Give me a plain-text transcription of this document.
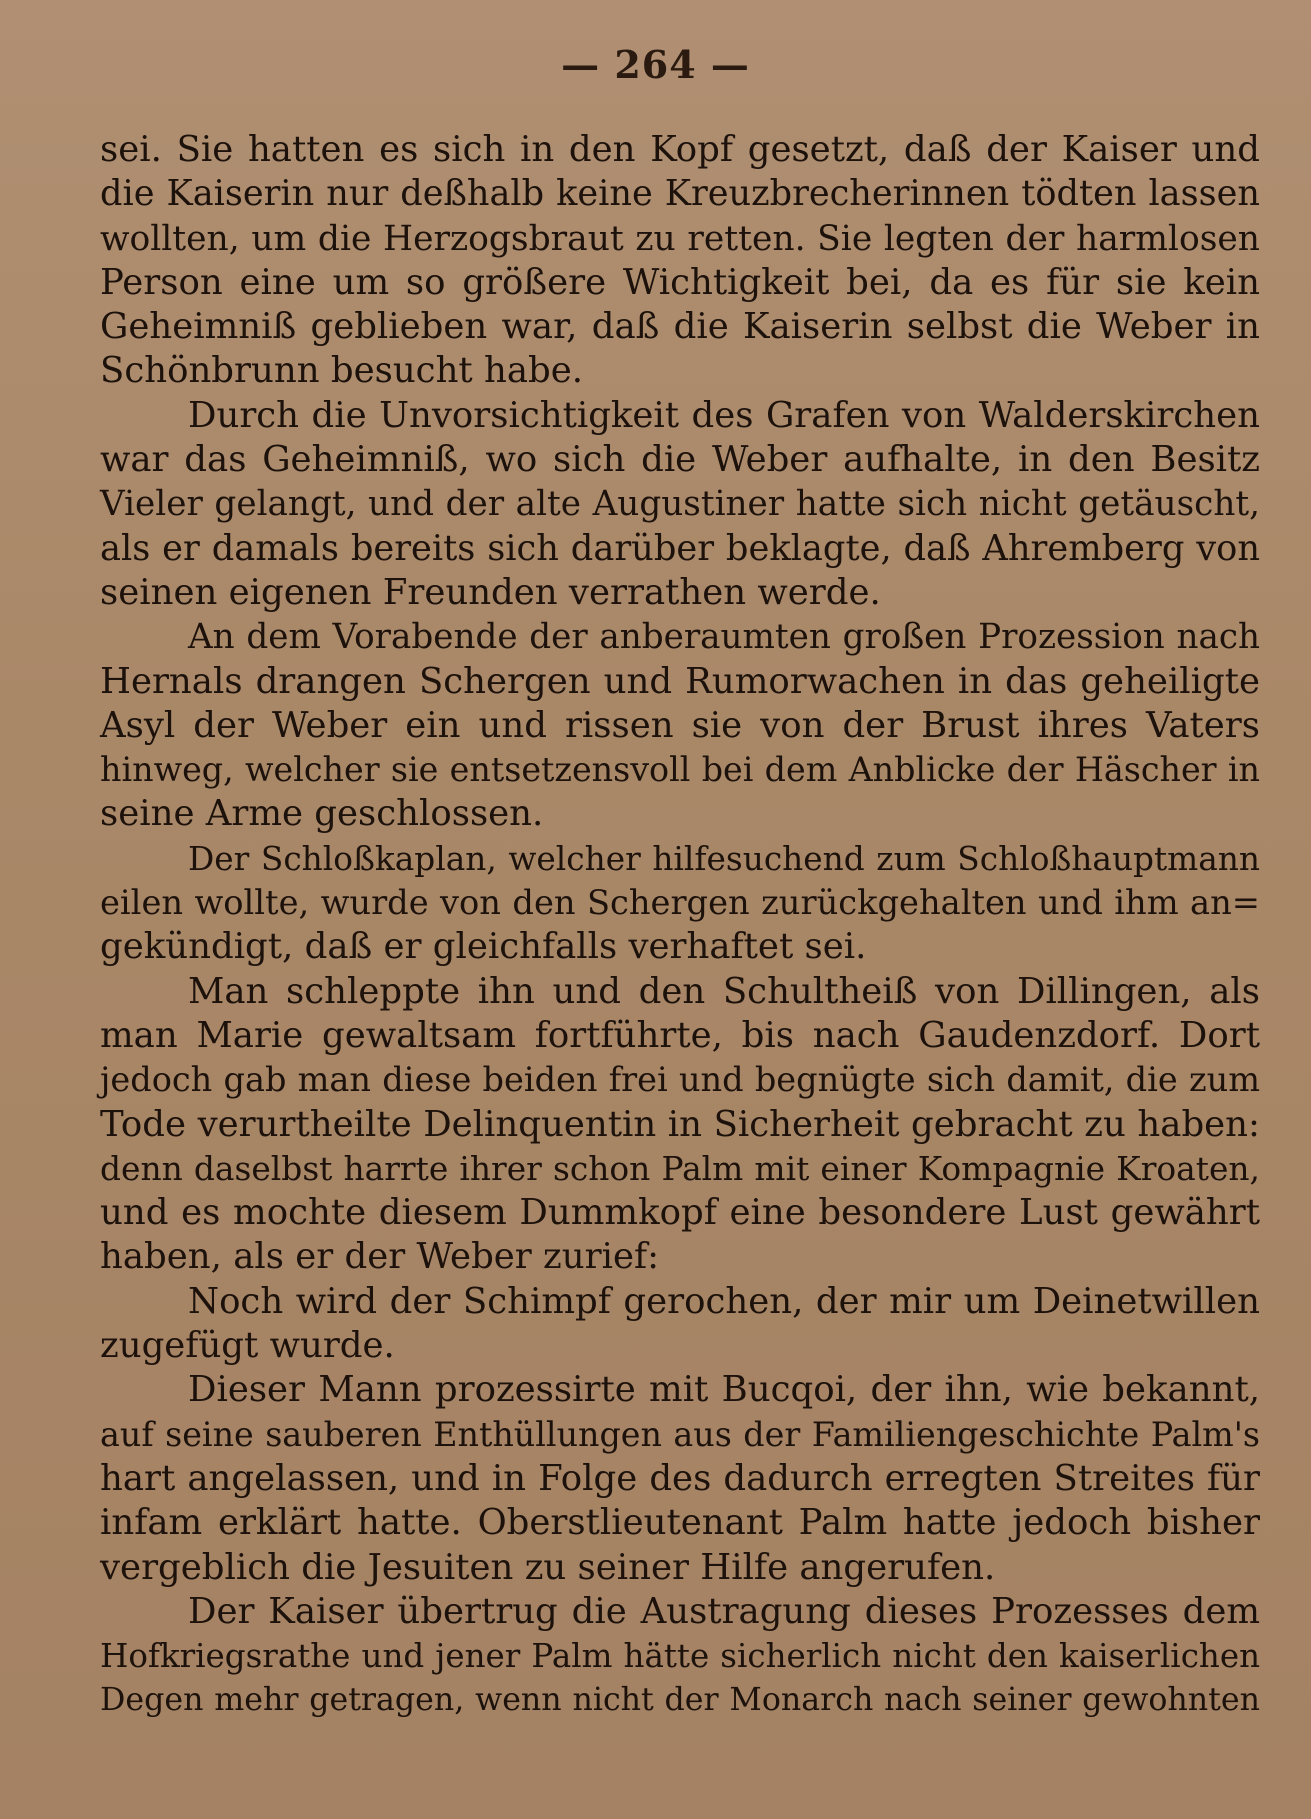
— 264 —
sei. Sie hatten es sich in den Kopf gesetzt, daß der Kaiser und
die Kaiserin nur deßhalb keine Kreuzbrecherinnen tödten lassen
wollten, um die Herzogsbraut zu retten. Sie legten der harmlosen
Person eine um so größere Wichtigkeit bei, da es für sie kein
Geheimniß geblieben war, daß die Kaiserin selbst die Weber in
Schönbrunn besucht habe.
Durch die Unvorsichtigkeit des Grafen von Walderskirchen
war das Geheimniß, wo sich die Weber aufhalte, in den Besitz
Vieler gelangt, und der alte Augustiner hatte sich nicht getäuscht,
als er damals bereits sich darüber beklagte, daß Ahremberg von
seinen eigenen Freunden verrathen werde.
An dem Vorabende der anberaumten großen Prozession nach
Hernals drangen Schergen und Rumorwachen in das geheiligte
Asyl der Weber ein und rissen sie von der Brust ihres Vaters
hinweg, welcher sie entsetzensvoll bei dem Anblicke der Häscher in
seine Arme geschlossen.
Der Schloßkaplan, welcher hilfesuchend zum Schloßhauptmann
eilen wollte, wurde von den Schergen zurückgehalten und ihm an=
gekündigt, daß er gleichfalls verhaftet sei.
Man schleppte ihn und den Schultheiß von Dillingen, als
man Marie gewaltsam fortführte, bis nach Gaudenzdorf. Dort
jedoch gab man diese beiden frei und begnügte sich damit, die zum
Tode verurtheilte Delinquentin in Sicherheit gebracht zu haben:
denn daselbst harrte ihrer schon Palm mit einer Kompagnie Kroaten,
und es mochte diesem Dummkopf eine besondere Lust gewährt
haben, als er der Weber zurief:
Noch wird der Schimpf gerochen, der mir um Deinetwillen
zugefügt wurde.
Dieser Mann prozessirte mit Bucqoi, der ihn, wie bekannt,
auf seine sauberen Enthüllungen aus der Familiengeschichte Palm's
hart angelassen, und in Folge des dadurch erregten Streites für
infam erklärt hatte. Oberstlieutenant Palm hatte jedoch bisher
vergeblich die Jesuiten zu seiner Hilfe angerufen.
Der Kaiser übertrug die Austragung dieses Prozesses dem
Hofkriegsrathe und jener Palm hätte sicherlich nicht den kaiserlichen
Degen mehr getragen, wenn nicht der Monarch nach seiner gewohnten
